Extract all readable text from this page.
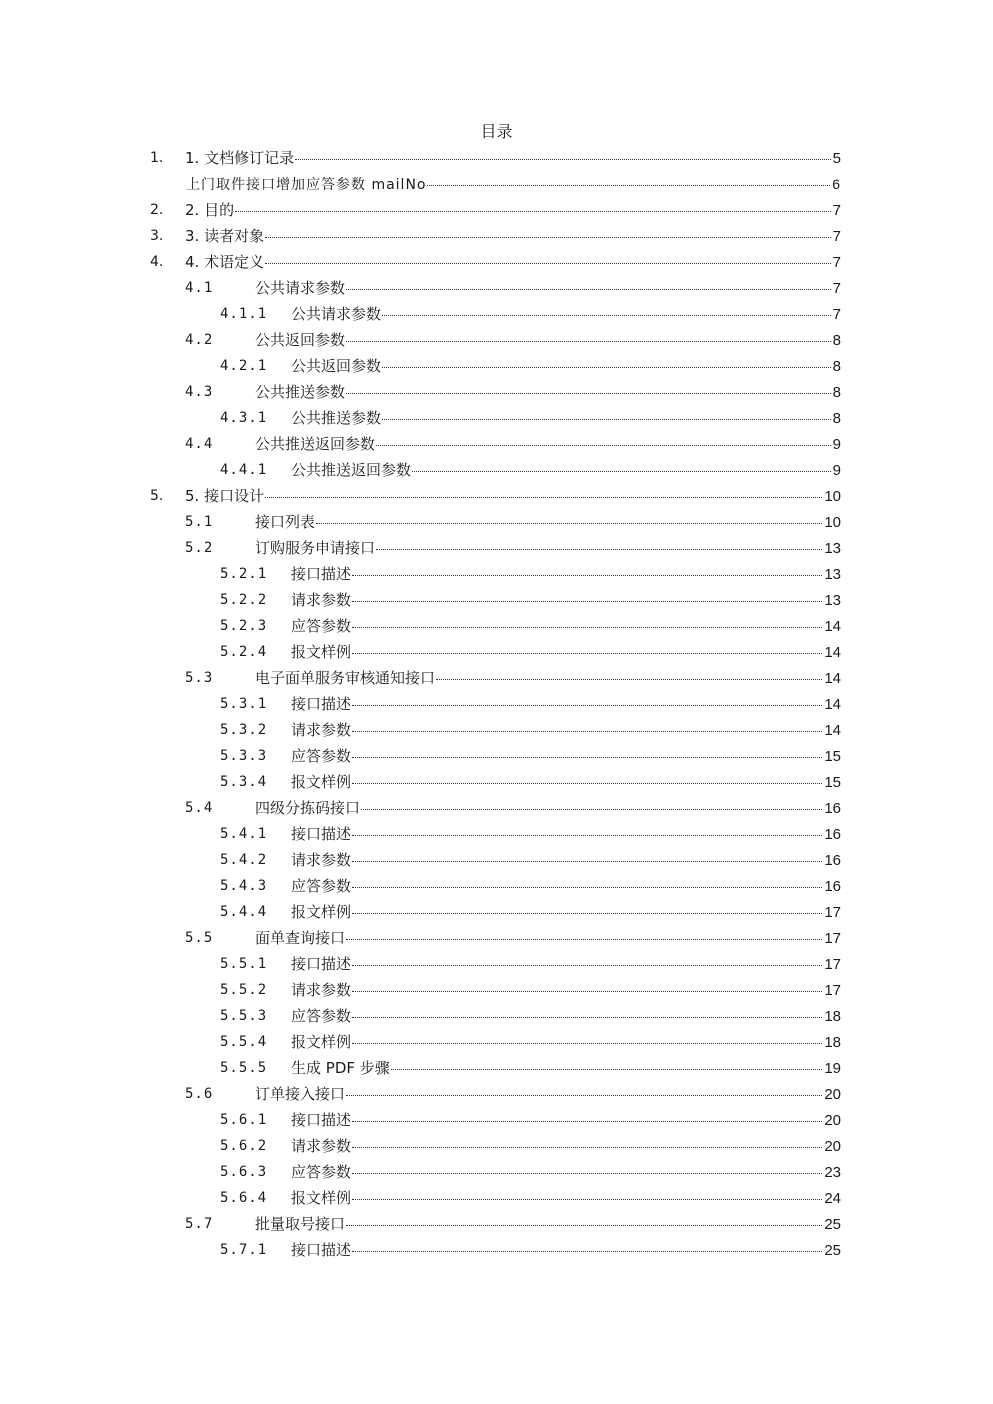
目录
1. 1. 文档修订记录	5
上门取件接口增加应答参数 mailNo	6
2. 2. 目的	7
3. 3. 读者对象	7
4. 4. 术语定义	7
4.1	公共请求参数	7
4.1.1 公共请求参数	7
4.2	公共返回参数	8
4.2.1 公共返回参数	8
4.3	公共推送参数	8
4.3.1 公共推送参数	8
4.4	公共推送返回参数	9
4.4.1 公共推送返回参数	9
5. 5. 接口设计	10
5.1	接口列表	10
5.2	订购服务申请接口	13
5.2.1 接口描述	13
5.2.2 请求参数	13
5.2.3 应答参数	14
5.2.4 报文样例	14
5.3	电子面单服务审核通知接口	14
5.3.1 接口描述	14
5.3.2 请求参数	14
5.3.3 应答参数	15
5.3.4 报文样例	15
5.4	四级分拣码接口	16
5.4.1 接口描述	16
5.4.2 请求参数	16
5.4.3 应答参数	16
5.4.4 报文样例	17
5.5	面单查询接口	17
5.5.1 接口描述	17
5.5.2 请求参数	17
5.5.3 应答参数	18
5.5.4 报文样例	18
5.5.5 生成 PDF 步骤	19
5.6	订单接入接口	20
5.6.1 接口描述	20
5.6.2 请求参数	20
5.6.3 应答参数	23
5.6.4 报文样例	24
5.7	批量取号接口	25
5.7.1 接口描述	25
